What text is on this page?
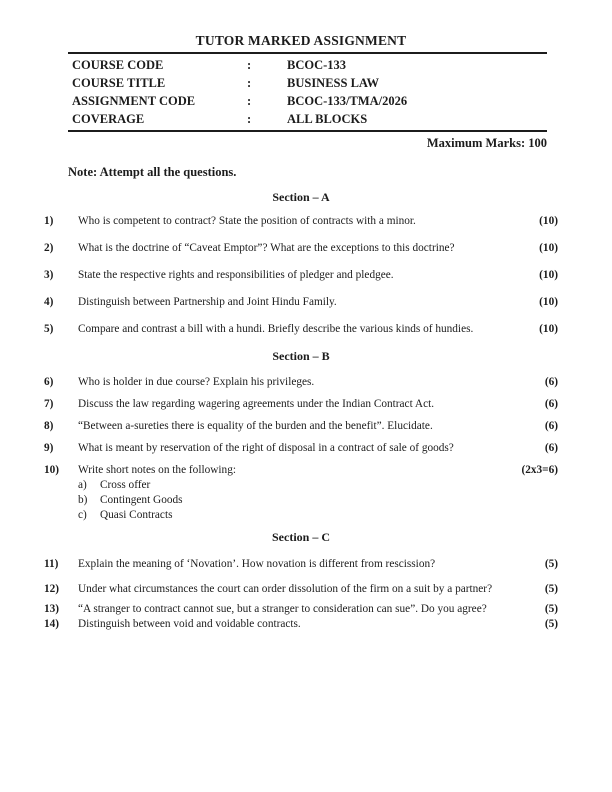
TUTOR MARKED ASSIGNMENT
COURSE CODE	:	BCOC-133
COURSE TITLE	:	BUSINESS LAW
ASSIGNMENT CODE	:	BCOC-133/TMA/2026
COVERAGE	:	ALL BLOCKS
Maximum Marks: 100
Note: Attempt all the questions.
Section – A
1)	Who is competent to contract? State the position of contracts with a minor.	(10)
2)	What is the doctrine of “Caveat Emptor”? What are the exceptions to this doctrine?	(10)
3)	State the respective rights and responsibilities of pledger and pledgee.	(10)
4)	Distinguish between Partnership and Joint Hindu Family.	(10)
5)	Compare and contrast a bill with a hundi. Briefly describe the various kinds of hundies.	(10)
Section – B
6)	Who is holder in due course? Explain his privileges.	(6)
7)	Discuss the law regarding wagering agreements under the Indian Contract Act.	(6)
8)	“Between a-sureties there is equality of the burden and the benefit”. Elucidate.	(6)
9)	What is meant by reservation of the right of disposal in a contract of sale of goods?	(6)
10)	Write short notes on the following:
a)	Cross offer
b)	Contingent Goods
c)	Quasi Contracts
(2x3=6)
Section – C
11)	Explain the meaning of ‘Novation’. How novation is different from rescission?	(5)
12)	Under what circumstances the court can order dissolution of the firm on a suit by a partner?	(5)
13)	“A stranger to contract cannot sue, but a stranger to consideration can sue”. Do you agree?	(5)
14)	Distinguish between void and voidable contracts.	(5)
